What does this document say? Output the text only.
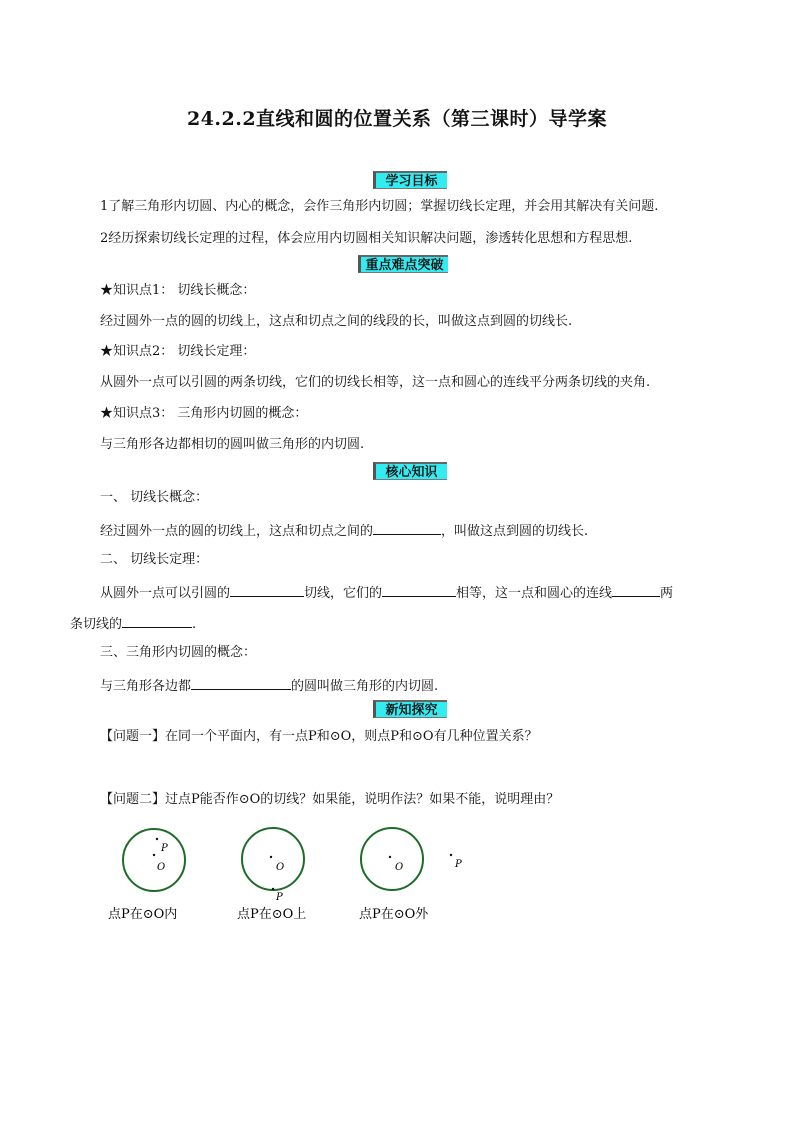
24.2.2直线和圆的位置关系（第三课时）导学案
学习目标
1了解三角形内切圆、内心的概念，会作三角形内切圆；掌握切线长定理，并会用其解决有关问题.
2经历探索切线长定理的过程，体会应用内切圆相关知识解决问题，渗透转化思想和方程思想.
重点难点突破
★知识点1： 切线长概念：
经过圆外一点的圆的切线上，这点和切点之间的线段的长，叫做这点到圆的切线长.
★知识点2： 切线长定理：
从圆外一点可以引圆的两条切线，它们的切线长相等，这一点和圆心的连线平分两条切线的夹角.
★知识点3： 三角形内切圆的概念：
与三角形各边都相切的圆叫做三角形的内切圆.
核心知识
一、 切线长概念：
经过圆外一点的圆的切线上，这点和切点之间的	，叫做这点到圆的切线长.
二、 切线长定理：
从圆外一点可以引圆的	切线，它们的	相等，这一点和圆心的连线	两
条切线的	.
三、三角形内切圆的概念：
与三角形各边都	的圆叫做三角形的内切圆.
新知探究
【问题一】在同一个平面内，有一点P和⊙O，则点P和⊙O有几种位置关系？
【问题二】过点P能否作⊙O的切线？如果能，说明作法？如果不能，说明理由？
O
P
O
P
O	P
点P在⊙O内	点P在⊙O上	点P在⊙O外
